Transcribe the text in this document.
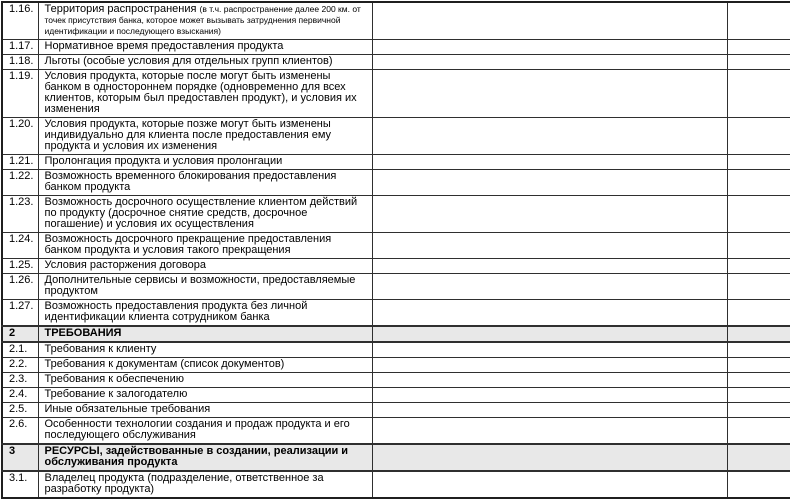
1.16.	Территория распространения (в т.ч. распространение далее 200 км. от точек присутствия банка, которое может вызывать затруднения первичной идентификации и последующего взыскания)		
1.17.	Нормативное время предоставления продукта		
1.18.	Льготы (особые условия для отдельных групп клиентов)		
1.19.	Условия продукта, которые после могут быть изменены банком в одностороннем порядке (одновременно для всех клиентов, которым был предоставлен продукт), и условия их изменения		
1.20.	Условия продукта, которые позже могут быть изменены индивидуально для клиента после предоставления ему продукта и условия их изменения		
1.21.	Пролонгация продукта и условия пролонгации		
1.22.	Возможность временного блокирования предоставления банком продукта		
1.23.	Возможность досрочного осуществление клиентом действий по продукту (досрочное снятие средств, досрочное погашение) и условия их осуществления		
1.24.	Возможность досрочного прекращение предоставления банком продукта и условия такого прекращения		
1.25.	Условия расторжения договора		
1.26.	Дополнительные сервисы и возможности, предоставляемые продуктом		
1.27.	Возможность предоставления продукта без личной идентификации клиента сотрудником банка		
2	ТРЕБОВАНИЯ		
2.1.	Требования к клиенту		
2.2.	Требования к документам (список документов)		
2.3.	Требования к обеспечению		
2.4.	Требование к залогодателю		
2.5.	Иные обязательные требования		
2.6.	Особенности технологии создания и продаж продукта и его последующего обслуживания		
3	РЕСУРСЫ, задействованные в создании, реализации и обслуживания продукта		
3.1.	Владелец продукта (подразделение, ответственное за разработку продукта)		
